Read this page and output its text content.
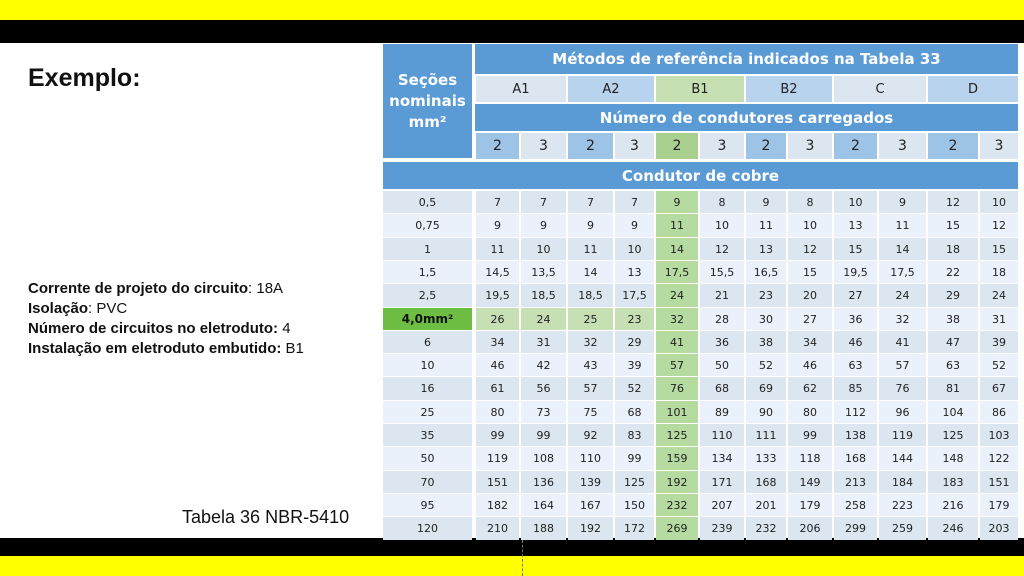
Exemplo:
Corrente de projeto do circuito: 18A
Isolação: PVC
Número de circuitos no eletroduto: 4
Instalação em eletroduto embutido: B1
Tabela 36 NBR-5410
Seções nominais mm²
Métodos de referência indicados na Tabela 33
A1	A2	B1	B2	C	D
Número de condutores carregados
2	3	2	3	2	3	2	3	2	3	2	3
Condutor de cobre
0,5	7	7	7	7	9	8	9	8	10	9	12	10
0,75	9	9	9	9	11	10	11	10	13	11	15	12
1	11	10	11	10	14	12	13	12	15	14	18	15
1,5	14,5	13,5	14	13	17,5	15,5	16,5	15	19,5	17,5	22	18
2,5	19,5	18,5	18,5	17,5	24	21	23	20	27	24	29	24
4,0mm²	26	24	25	23	32	28	30	27	36	32	38	31
6	34	31	32	29	41	36	38	34	46	41	47	39
10	46	42	43	39	57	50	52	46	63	57	63	52
16	61	56	57	52	76	68	69	62	85	76	81	67
25	80	73	75	68	101	89	90	80	112	96	104	86
35	99	99	92	83	125	110	111	99	138	119	125	103
50	119	108	110	99	159	134	133	118	168	144	148	122
70	151	136	139	125	192	171	168	149	213	184	183	151
95	182	164	167	150	232	207	201	179	258	223	216	179
120	210	188	192	172	269	239	232	206	299	259	246	203
